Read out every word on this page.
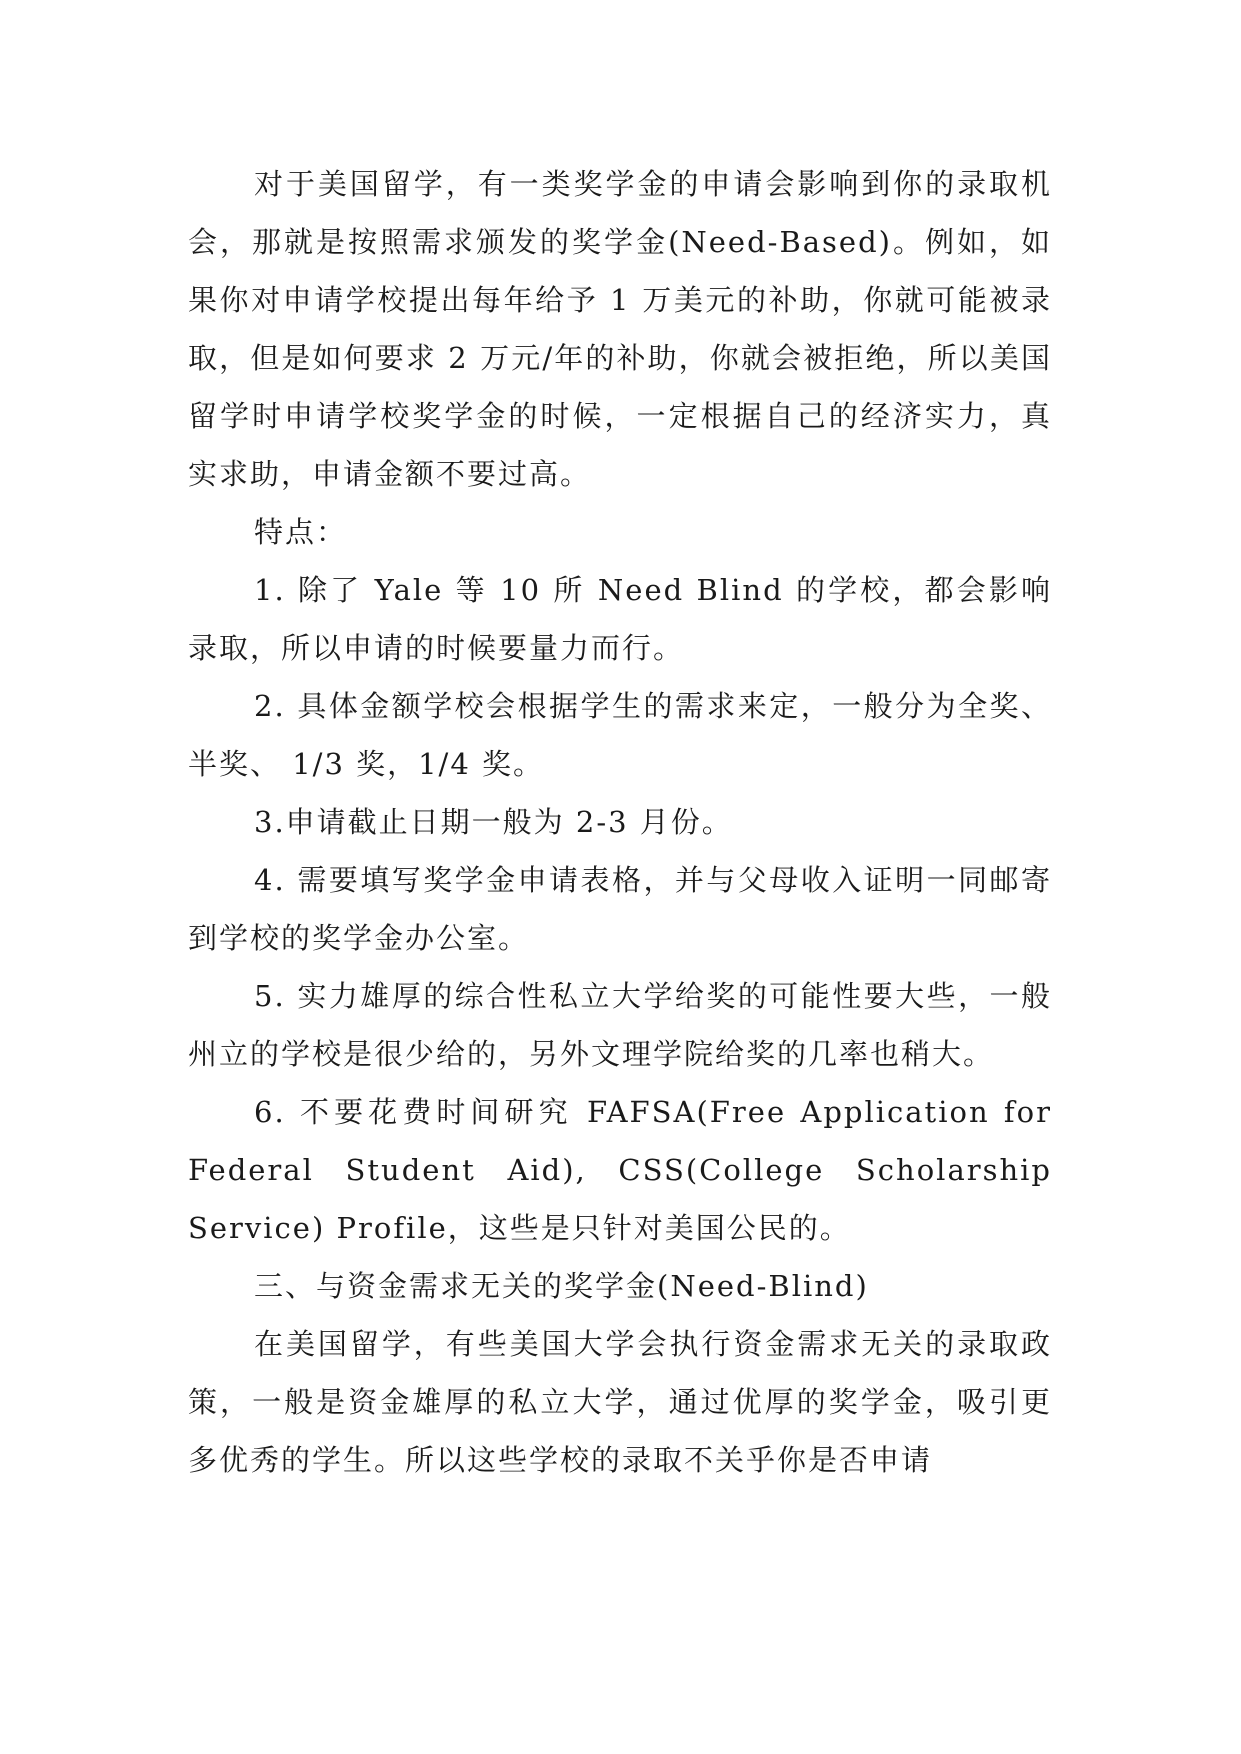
对于美国留学，有一类奖学金的申请会影响到你的录取机会，那就是按照需求颁发的奖学金(Need-Based)。例如，如果你对申请学校提出每年给予 1 万美元的补助，你就可能被录取，但是如何要求 2 万元/年的补助，你就会被拒绝，所以美国留学时申请学校奖学金的时候，一定根据自己的经济实力，真实求助，申请金额不要过高。

特点：

1. 除了 Yale 等 10 所 Need Blind 的学校，都会影响录取，所以申请的时候要量力而行。

2. 具体金额学校会根据学生的需求来定，一般分为全奖、半奖、 1/3 奖，1/4 奖。

3.申请截止日期一般为 2-3 月份。

4. 需要填写奖学金申请表格，并与父母收入证明一同邮寄到学校的奖学金办公室。

5. 实力雄厚的综合性私立大学给奖的可能性要大些，一般州立的学校是很少给的，另外文理学院给奖的几率也稍大。

6. 不要花费时间研究 FAFSA(Free Application for Federal Student Aid), CSS(College Scholarship Service) Profile，这些是只针对美国公民的。

三、与资金需求无关的奖学金(Need-Blind)

在美国留学，有些美国大学会执行资金需求无关的录取政策，一般是资金雄厚的私立大学，通过优厚的奖学金，吸引更多优秀的学生。所以这些学校的录取不关乎你是否申请
